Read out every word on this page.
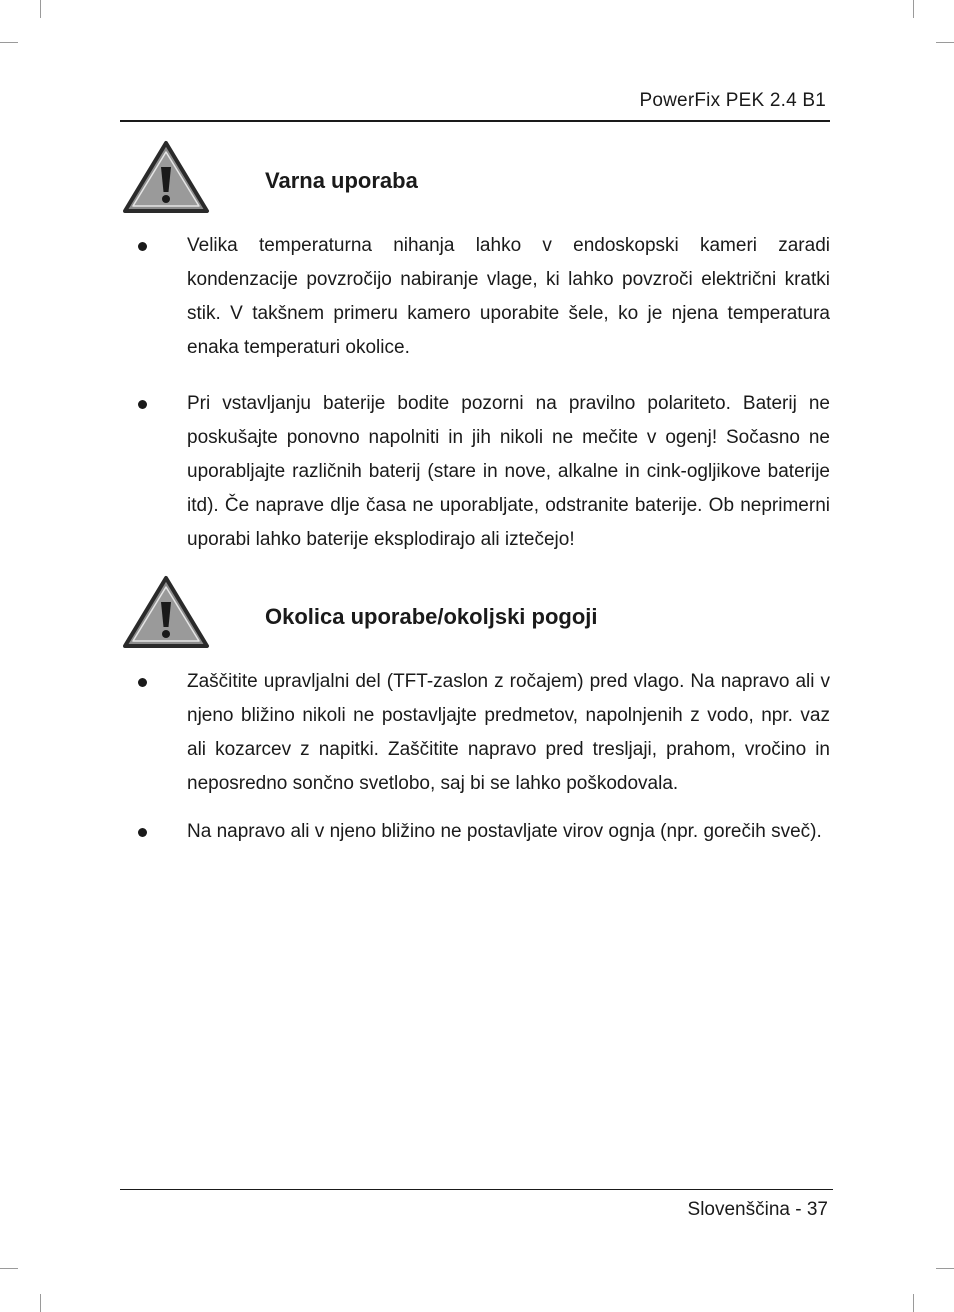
PowerFix PEK 2.4 B1
Varna uporaba

Velika temperaturna nihanja lahko v endoskopski kameri zaradi kondenzacije povzročijo nabiranje vlage, ki lahko povzroči električni kratki stik. V takšnem primeru kamero uporabite šele, ko je njena temperatura enaka temperaturi okolice.

Pri vstavljanju baterije bodite pozorni na pravilno polariteto. Baterij ne poskušajte ponovno napolniti in jih nikoli ne mečite v ogenj! Sočasno ne uporabljajte različnih baterij (stare in nove, alkalne in cink-ogljikove baterije itd). Če naprave dlje časa ne uporabljate, odstranite baterije. Ob neprimerni uporabi lahko baterije eksplodirajo ali iztečejo!

Okolica uporabe/okoljski pogoji

Zaščitite upravljalni del (TFT-zaslon z ročajem) pred vlago. Na napravo ali v njeno bližino nikoli ne postavljajte predmetov, napolnjenih z vodo, npr. vaz ali kozarcev z napitki. Zaščitite napravo pred tresljaji, prahom, vročino in neposredno sončno svetlobo, saj bi se lahko poškodovala.

Na napravo ali v njeno bližino ne postavljate virov ognja (npr. gorečih sveč).

Slovenščina - 37
